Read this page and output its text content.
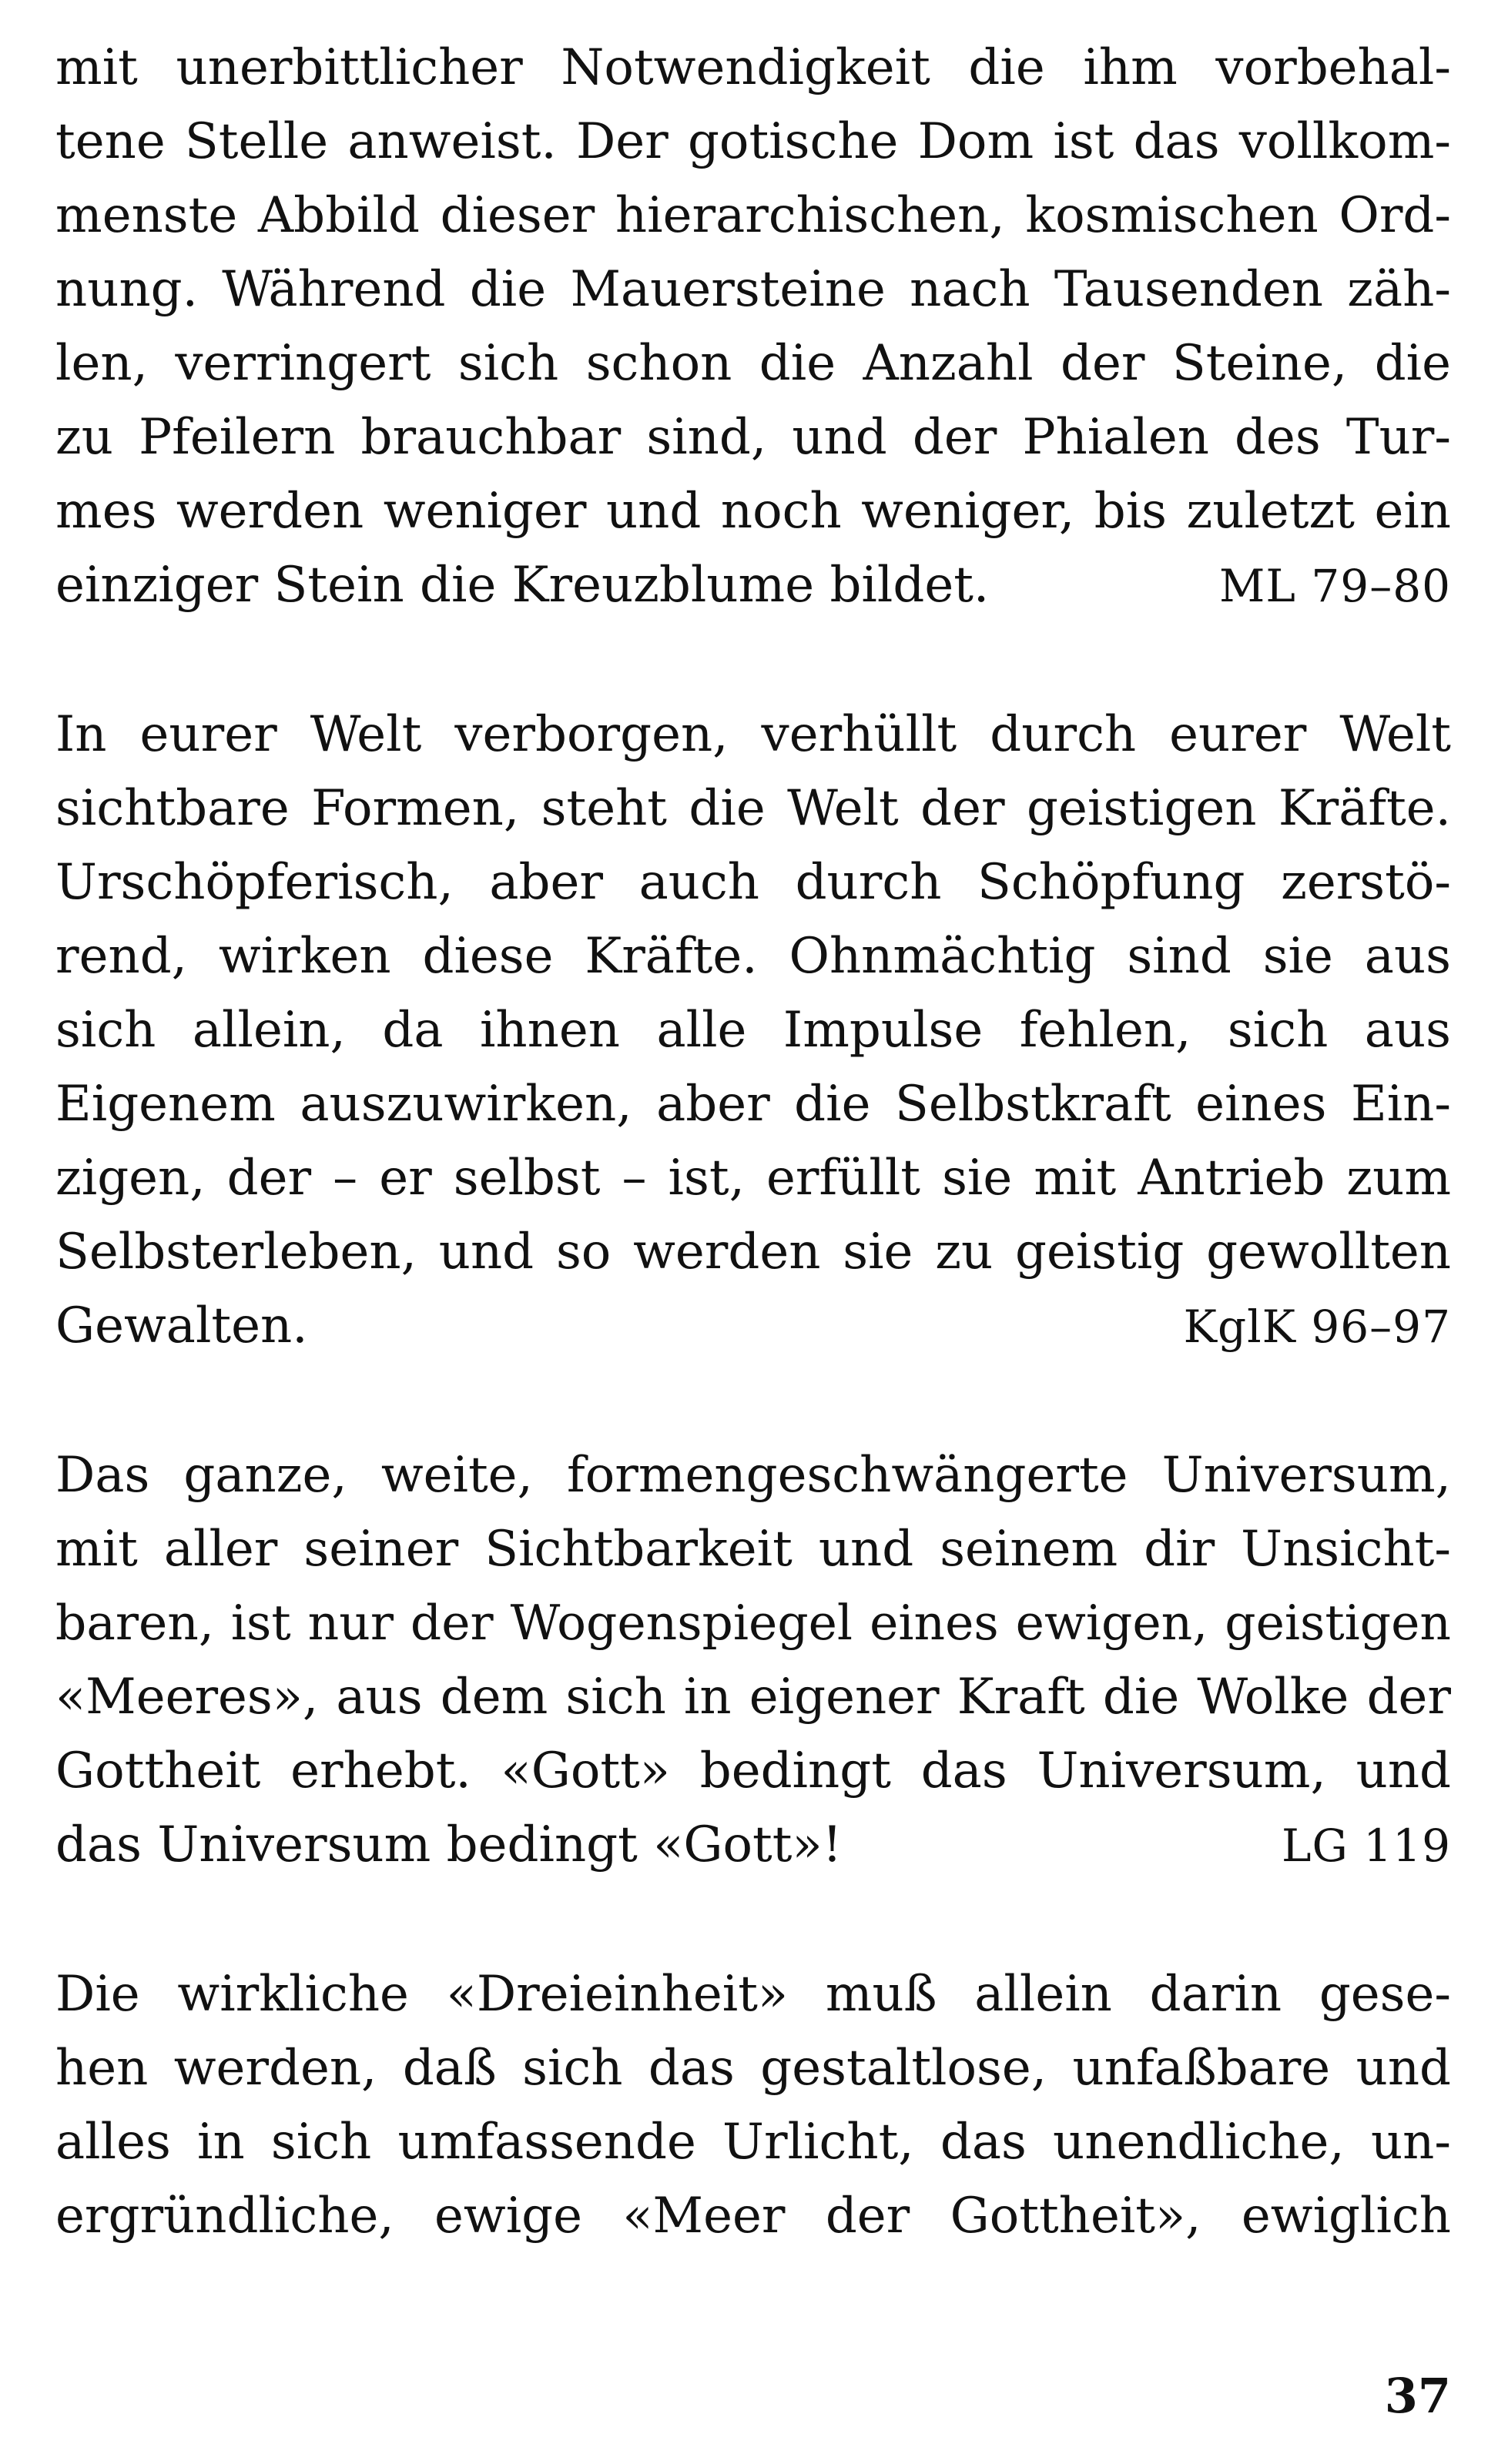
mit unerbittlicher Notwendigkeit die ihm vorbehal-
tene Stelle anweist. Der gotische Dom ist das vollkom-
menste Abbild dieser hierarchischen, kosmischen Ord-
nung. Während die Mauersteine nach Tausenden zäh-
len, verringert sich schon die Anzahl der Steine, die
zu Pfeilern brauchbar sind, und der Phialen des Tur-
mes werden weniger und noch weniger, bis zuletzt ein
einziger Stein die Kreuzblume bildet.	ML 79–80
In eurer Welt verborgen, verhüllt durch eurer Welt
sichtbare Formen, steht die Welt der geistigen Kräfte.
Urschöpferisch, aber auch durch Schöpfung zerstö-
rend, wirken diese Kräfte. Ohnmächtig sind sie aus
sich allein, da ihnen alle Impulse fehlen, sich aus
Eigenem auszuwirken, aber die Selbstkraft eines Ein-
zigen, der – er selbst – ist, erfüllt sie mit Antrieb zum
Selbsterleben, und so werden sie zu geistig gewollten
Gewalten.	KglK 96–97
Das ganze, weite, formengeschwängerte Universum,
mit aller seiner Sichtbarkeit und seinem dir Unsicht-
baren, ist nur der Wogenspiegel eines ewigen, geistigen
«Meeres», aus dem sich in eigener Kraft die Wolke der
Gottheit erhebt. «Gott» bedingt das Universum, und
das Universum bedingt «Gott»!	LG 119
Die wirkliche «Dreieinheit» muß allein darin gese-
hen werden, daß sich das gestaltlose, unfaßbare und
alles in sich umfassende Urlicht, das unendliche, un-
ergründliche, ewige «Meer der Gottheit», ewiglich
37
